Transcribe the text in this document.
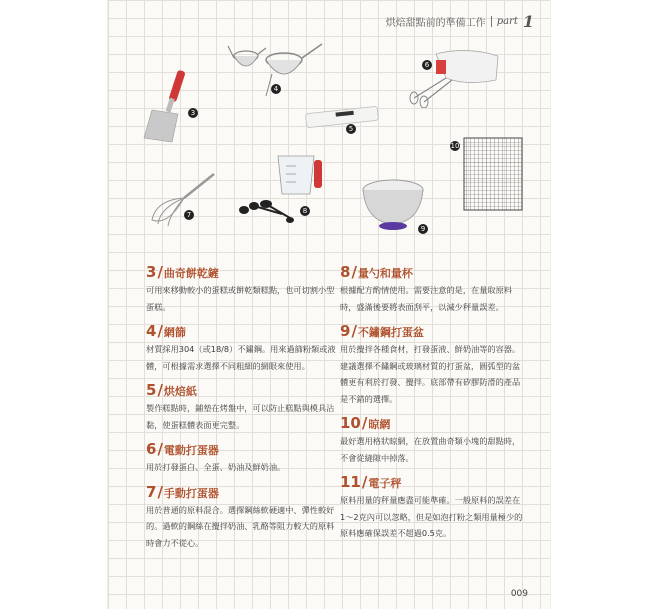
烘焙甜點前的準備工作 part 1
3
4
5
6
7	8
9
10
3 / 曲奇餅乾鏟
可用來移動較小的蛋糕或餅乾類糕點，也可切割小型蛋糕。
4 / 網篩
材質採用304（或18/8）不鏽鋼。用來過篩粉類或液體，可根據需求選擇不同粗細的網眼來使用。
5 / 烘焙紙
製作糕點時，鋪墊在烤盤中，可以防止糕點與模具沾黏，使蛋糕體表面更完整。
6 / 電動打蛋器
用於打發蛋白、全蛋、奶油及鮮奶油。
7 / 手動打蛋器
用於普通的原料混合。選擇鋼絲軟硬適中、彈性較好的。過軟的鋼絲在攪拌奶油、乳酪等阻力較大的原料時會力不從心。
8 / 量勺和量杯
根據配方酌情使用。需要注意的是，在量取原料時，盛滿後要將表面刮平，以減少秤量誤差。
9 / 不鏽鋼打蛋盆
用於攪拌各種食材，打發蛋液、鮮奶油等的容器。建議選擇不鏽鋼或玻璃材質的打蛋盆，圓弧型的盆體更有利於打發、攪拌。底部帶有矽膠防滑的產品是不錯的選擇。
10 / 晾網
最好選用格狀晾網，在放置曲奇類小塊的甜點時，不會從縫隙中掉落。
11 / 電子秤
原料用量的秤量應盡可能準確。一般原料的誤差在1～2克內可以忽略，但是如泡打粉之類用量極少的原料應確保誤差不超過0.5克。
009
